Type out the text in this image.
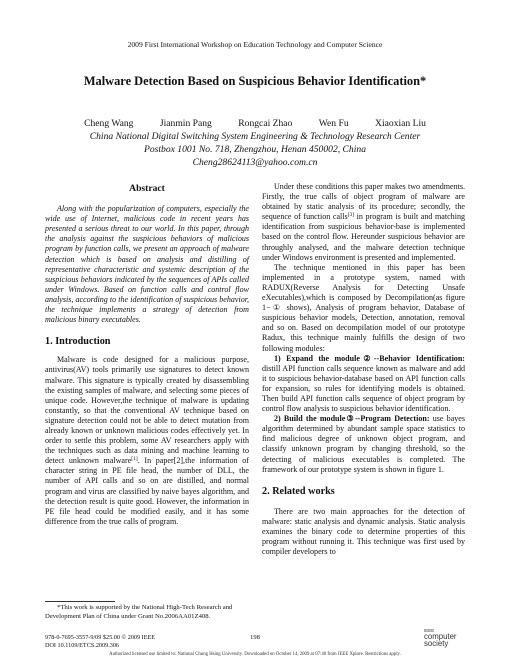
2009 First International Workshop on Education Technology and Computer Science
Malware Detection Based on Suspicious Behavior Identification*
Cheng Wang	Jianmin Pang	Rongcai Zhao	Wen Fu	Xiaoxian Liu
China National Digital Switching System Engineering & Technology Research Center
Postbox 1001 No. 718, Zhengzhou, Henan 450002, China
Cheng28624113@yahoo.com.cn
Abstract

Along with the popularization of computers, especially the wide use of Internet, malicious code in recent years has presented a serious threat to our world. In this paper, through the analysis against the suspicious behaviors of malicious program by function calls, we present an approach of malware detection which is based on analysis and distilling of representative characteristic and systemic description of the suspicious behaviors indicated by the sequences of APIs called under Windows. Based on function calls and control flow analysis, according to the identification of suspicious behavior, the technique implements a strategy of detection from malicious binary executables.

1. Introduction

Malware is code designed for a malicious purpose, antivirus(AV) tools primarily use signatures to detect known malware. This signature is typically created by disassembling the existing samples of malware, and selecting some pieces of unique code. However,the technique of malware is updating constantly, so that the conventional AV technique based on signature detection could not be able to detect mutation from already known or unknown malicious codes effectively yet. In order to settle this problem, some AV researchers apply with the techniques such as data mining and machine learning to detect unknown malware[1]. In paper[2],the information of character string in PE file head, the number of DLL, the number of API calls and so on are distilled, and normal program and virus are classified by naive bayes algorithm, and the detection result is quite good. However, the information in PE file head could be modified easily, and it has some difference from the true calls of program.

*This work is supported by the National High-Tech Research and Development Plan of China under Grant No.2006AA01Z408.

Under these conditions this paper makes two amendments. Firstly, the true calls of object program of malware are obtained by static analysis of its procedure; secondly, the sequence of function calls[3] in program is built and matching identification from suspicious behavior-base is implemented based on the control flow. Hereunder suspicious behavior are throughly analysed, and the malware detection technique under Windows environment is presented and implemented.

The technique mentioned in this paper has been implemented in a prototype system, named with RADUX(Reverse Analysis for Detecting Unsafe eXecutables),which is composed by Decompilation(as figure 1−① shows), Analysis of program behavior, Database of suspicious behavior models, Detection, annotation, removal and so on. Based on decompilation model of our prototype Radux, this technique mainly fulfills the design of two following modules:

1) Expand the module②--Behavior Identification: distill API function calls sequence known as malware and add it to suspicious behavior-database based on API function calls for expansion, so rules for identifying models is obtained. Then build API function calls sequence of object program by control flow analysis to suspicious behavior identification.

2) Build the module③--Program Detection: use bayes algorithm determined by abundant sample space statistics to find malicious degree of unknown object program, and classify unknown program by changing threshold, so the detecting of malicious executables is completed. The framework of our prototype system is shown in figure 1.

2. Related works

There are two main approaches for the detection of malware: static analysis and dynamic analysis. Static analysis examines the binary code to determine properties of this program without running it. This technique was first used by compiler developers to

978-0-7695-3557-9/09 $25.00 © 2009 IEEE
DOI 10.1109/ETCS.2009.306
198
IEEE
computer
society
Authorized licensed use limited to: National Chung Hsing University. Downloaded on October 14, 2009 at 07:40 from IEEE Xplore. Restrictions apply.
